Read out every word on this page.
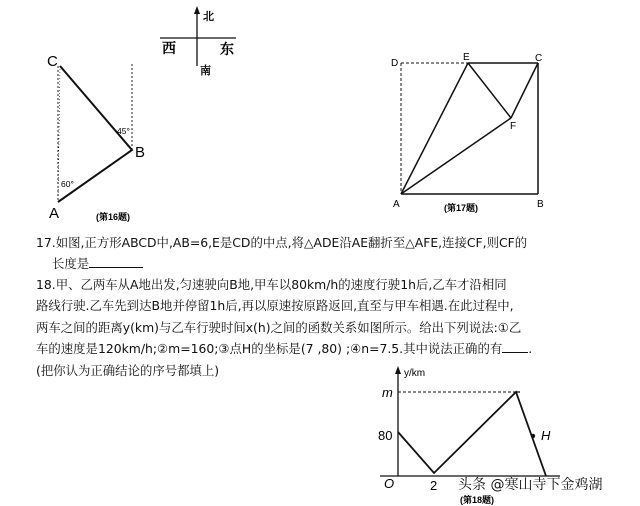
北
西	东
南
C
B
A
45°
60°
(第16题)
D
E	C
F
A	B
(第17题)
17.如图,正方形ABCD中,AB=6,E是CD的中点,将△ADE沿AE翻折至△AFE,连接CF,则CF的
长度是
18.甲、乙两车从A地出发,匀速驶向B地,甲车以80km/h的速度行驶1h后,乙车才沿相同
路线行驶.乙车先到达B地并停留1h后,再以原速按原路返回,直至与甲车相遇.在此过程中,
两车之间的距离y(km)与乙车行驶时间x(h)之间的函数关系如图所示。给出下列说法:①乙
车的速度是120km/h;②m=160;③点H的坐标是(7 ,80) ;④n=7.5.其中说法正确的有 .
(把你认为正确结论的序号都填上)	y/km
m
80
O	2
H
(第18题)
头条 @寒山寺下金鸡湖
